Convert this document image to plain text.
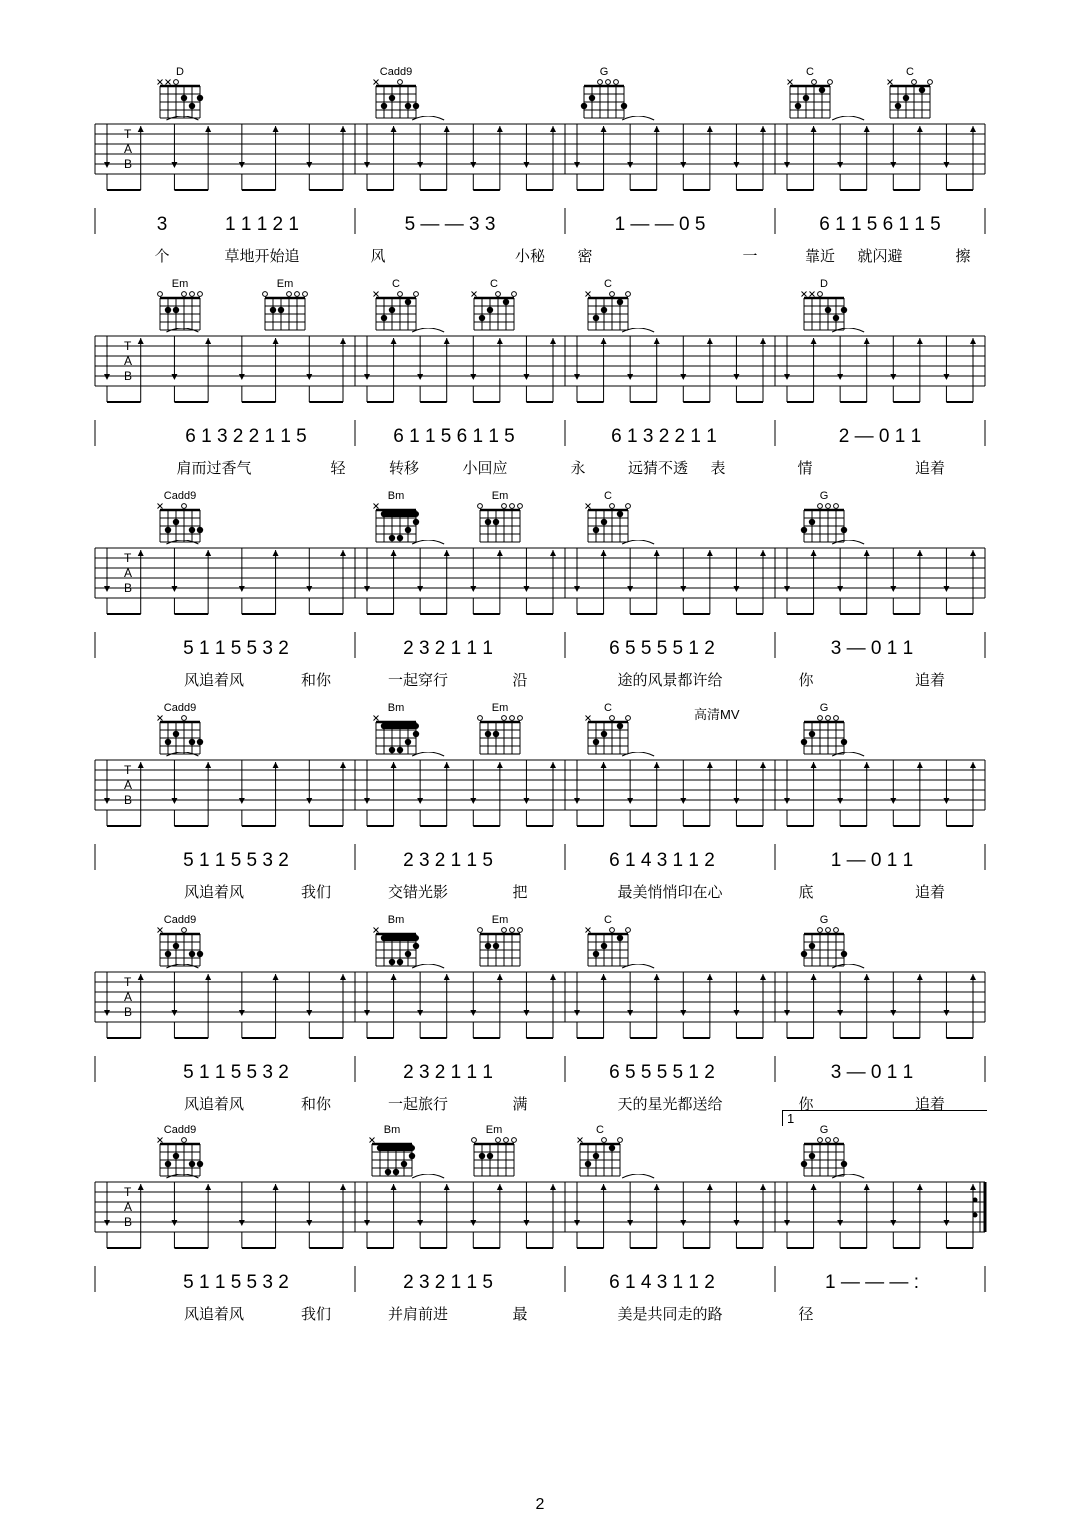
D	Cadd9	G	C	C
T
A
B
3	1 1 1 2 1	5 — — 3 3	1 — — 0 5	6 1 1 5 6 1 1 5
个	草地开始追	风	小秘 密	一	靠近 就闪避	擦
Em	Em	C	C	C	D
T
A
B
6 1 3 2 2 1 1 5	6 1 1 5 6 1 1 5	6 1 3 2 2 1 1	2 — 0 1 1
肩而过香气	轻	转移	小回应	永	远猜不透 表	情	追着
Cadd9	Bm	Em	C	G
T
A
B
5 1 1 5 5 3 2	2 3 2 1 1 1	6 5 5 5 5 1 2	3 — 0 1 1
风追着风	和你	一起穿行	沿	途的风景都许给	你	追着
Cadd9	Bm	Em	C	G
T
A
B
5 1 1 5 5 3 2	2 3 2 1 1 5	6 1 4 3 1 1 2	1 — 0 1 1
风追着风	我们	交错光影	把	最美悄悄印在心	底	追着
高清MV
Cadd9	Bm	Em	C	G
T
A
B
5 1 1 5 5 3 2	2 3 2 1 1 1	6 5 5 5 5 1 2	3 — 0 1 1
风追着风	和你	一起旅行	满	天的星光都送给	你	追着
1
Cadd9	Bm	Em	C	G
T
A
B
5 1 1 5 5 3 2	2 3 2 1 1 5	6 1 4 3 1 1 2	1 — — — :
风追着风	我们	并肩前进	最	美是共同走的路	径
2
